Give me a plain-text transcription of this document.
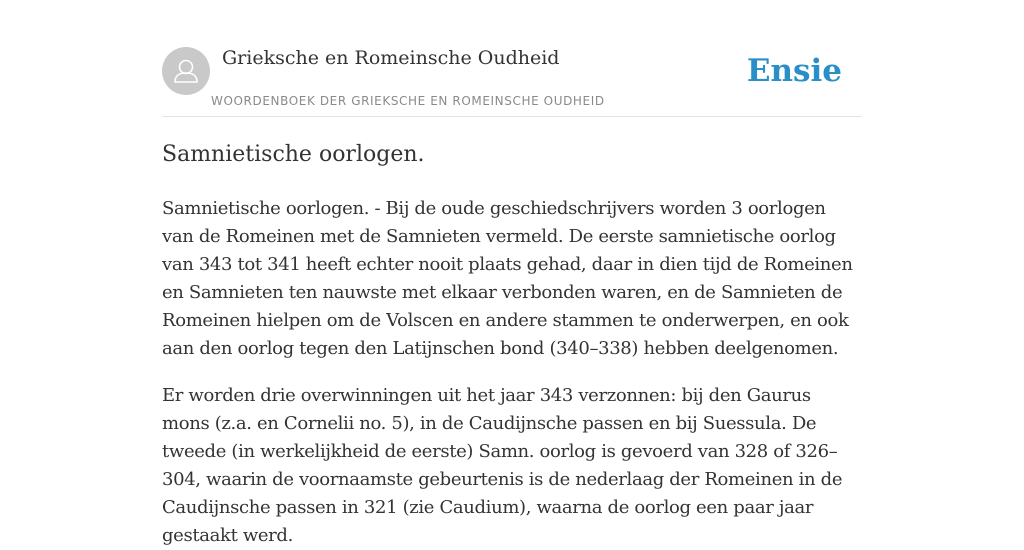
Grieksche en Romeinsche Oudheid
WOORDENBOEK DER GRIEKSCHE EN ROMEINSCHE OUDHEID
Ensie
Samnietische oorlogen.

Samnietische oorlogen. - Bij de oude geschiedschrijvers worden 3 oorlogen van de Romeinen met de Samnieten vermeld. De eerste samnietische oorlog van 343 tot 341 heeft echter nooit plaats gehad, daar in dien tijd de Romeinen en Samnieten ten nauwste met elkaar verbonden waren, en de Samnieten de Romeinen hielpen om de Volscen en andere stammen te onderwerpen, en ook aan den oorlog tegen den Latijnschen bond (340–338) hebben deelgenomen.

Er worden drie overwinningen uit het jaar 343 verzonnen: bij den Gaurus mons (z.a. en Cornelii no. 5), in de Caudijnsche passen en bij Suessula. De tweede (in werkelijkheid de eerste) Samn. oorlog is gevoerd van 328 of 326–304, waarin de voornaamste gebeurtenis is de nederlaag der Romeinen in de Caudijnsche passen in 321 (zie Caudium), waarna de oorlog een paar jaar gestaakt werd.
